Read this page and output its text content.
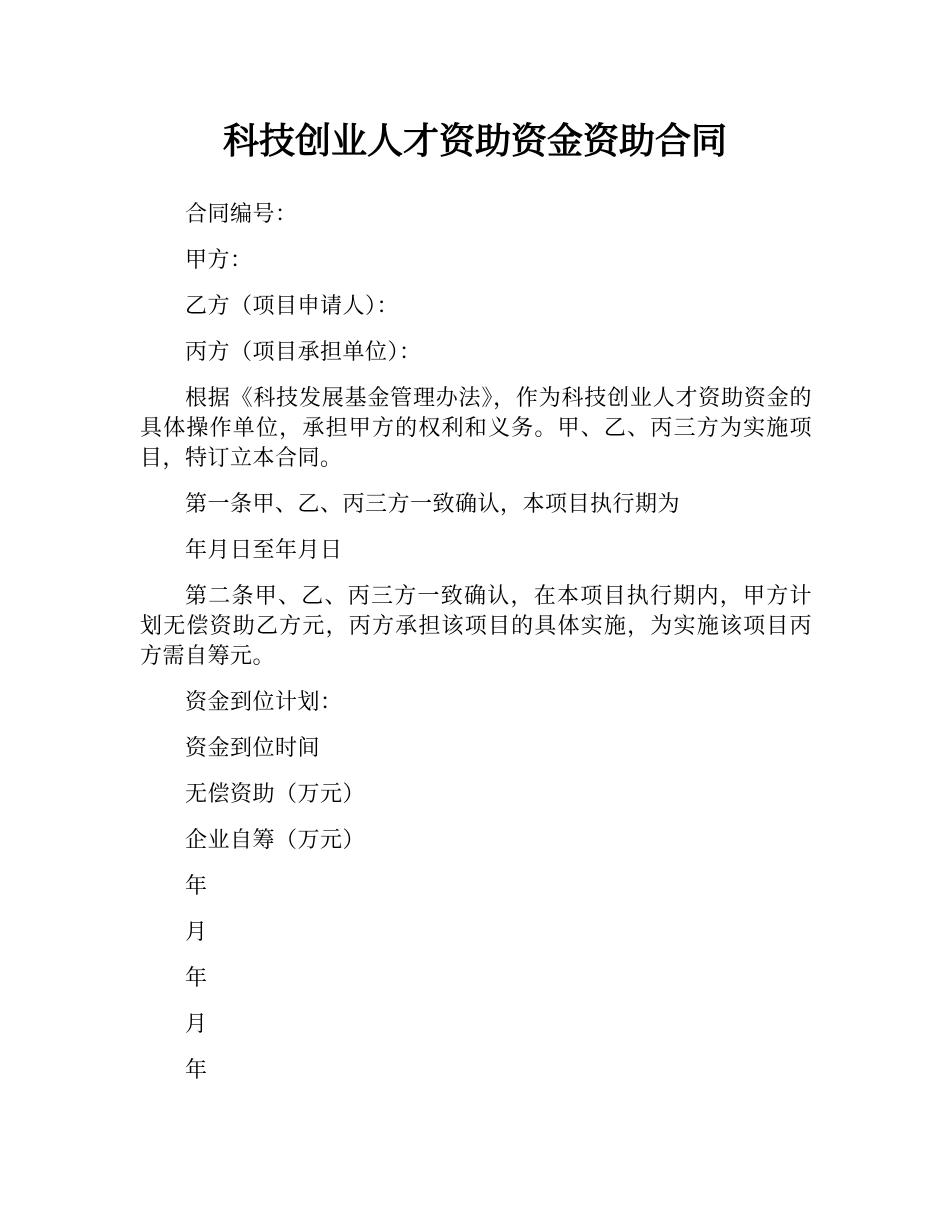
科技创业人才资助资金资助合同

合同编号：

甲方：

乙方（项目申请人）：

丙方（项目承担单位）：

根据《科技发展基金管理办法》，作为科技创业人才资助资金的具体操作单位，承担甲方的权利和义务。甲、乙、丙三方为实施项目，特订立本合同。

第一条甲、乙、丙三方一致确认，本项目执行期为

年月日至年月日

第二条甲、乙、丙三方一致确认，在本项目执行期内，甲方计划无偿资助乙方元，丙方承担该项目的具体实施，为实施该项目丙方需自筹元。

资金到位计划：

资金到位时间

无偿资助（万元）

企业自筹（万元）

年

月

年

月

年
